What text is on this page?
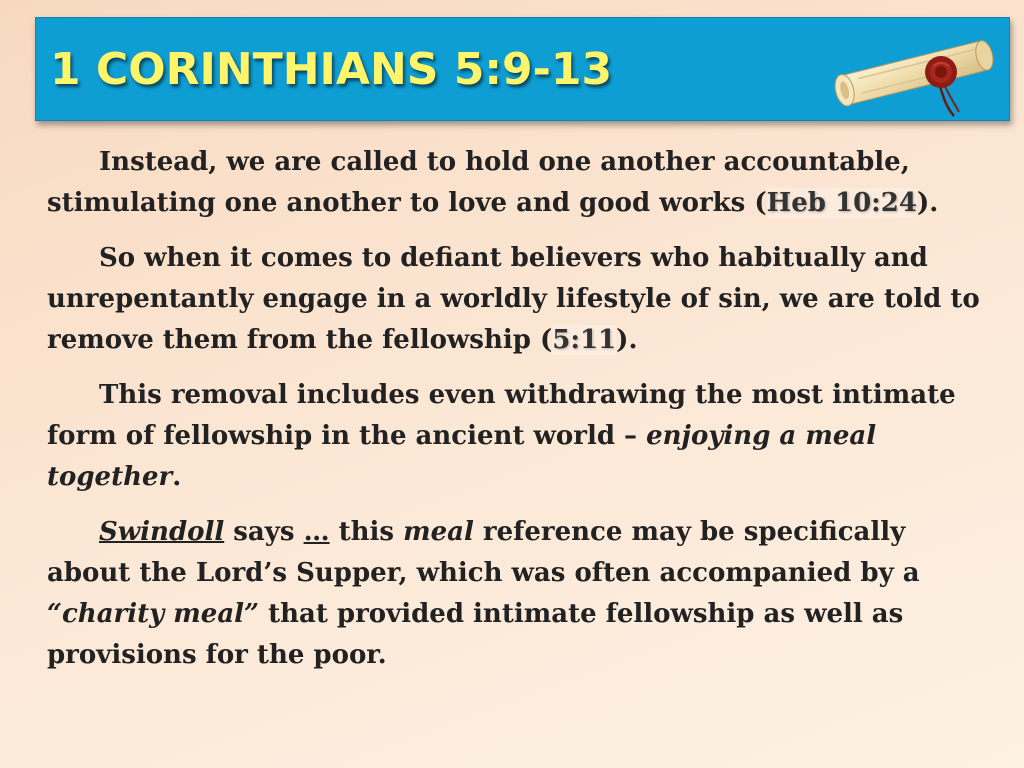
1 CORINTHIANS 5:9-13

Instead, we are called to hold one another accountable, stimulating one another to love and good works (Heb 10:24).

So when it comes to defiant believers who habitually and unrepentantly engage in a worldly lifestyle of sin, we are told to remove them from the fellowship (5:11).

This removal includes even withdrawing the most intimate form of fellowship in the ancient world – enjoying a meal together.

Swindoll says … this meal reference may be specifically about the Lord’s Supper, which was often accompanied by a “charity meal” that provided intimate fellowship as well as provisions for the poor.
